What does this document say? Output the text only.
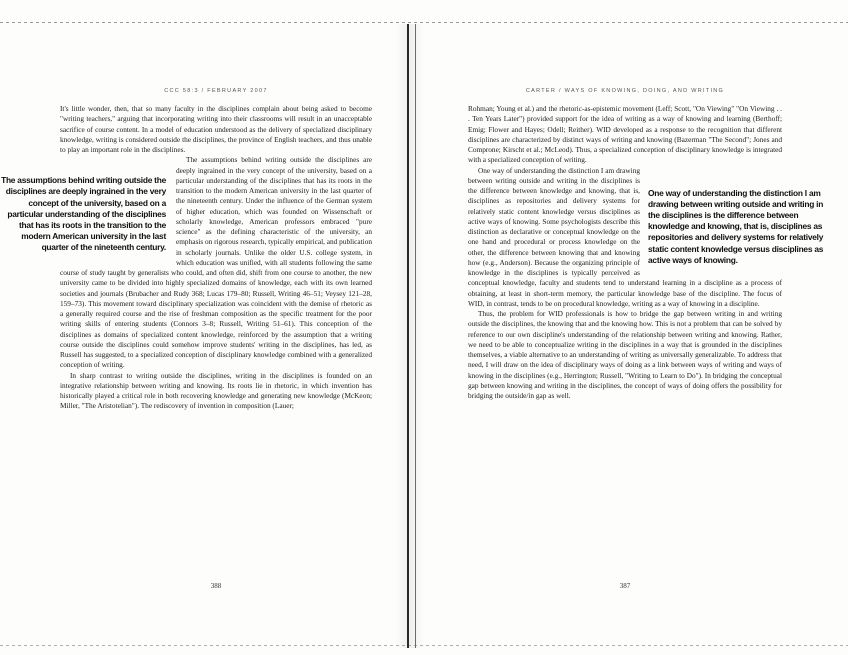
CCC 58:3 / FEBRUARY 2007

It's little wonder, then, that so many faculty in the disciplines complain about being asked to become "writing teachers," arguing that incorporating writing into their classrooms will result in an unacceptable sacrifice of course content. In a model of education understood as the delivery of specialized disciplinary knowledge, writing is considered outside the disciplines, the province of English teachers, and thus unable to play an important role in the disciplines.

The assumptions behind writing outside the disciplines are deeply ingrained in the very concept of the university, based on a particular understanding of the disciplines that has its roots in the transition to the modern American university in the last quarter of the nineteenth century.

The assumptions behind writing outside the disciplines are deeply ingrained in the very concept of the university, based on a particular understanding of the disciplines that has its roots in the transition to the modern American university in the last quarter of the nineteenth century. Under the influence of the German system of higher education, which was founded on Wissenschaft or scholarly knowledge, American professors embraced "pure science" as the defining characteristic of the university, an emphasis on rigorous research, typically empirical, and publication in scholarly journals. Unlike the older U.S. college system, in which education was unified, with all students following the same course of study taught by generalists who could, and often did, shift from one course to another, the new university came to be divided into highly specialized domains of knowledge, each with its own learned societies and journals (Brubacher and Rudy 368; Lucas 179–80; Russell, Writing 46–51; Veysey 121–28, 159–73). This movement toward disciplinary specialization was coincident with the demise of rhetoric as a generally required course and the rise of freshman composition as the specific treatment for the poor writing skills of entering students (Connors 3–8; Russell, Writing 51–61). This conception of the disciplines as domains of specialized content knowledge, reinforced by the assumption that a writing course outside the disciplines could somehow improve students' writing in the disciplines, has led, as Russell has suggested, to a specialized conception of disciplinary knowledge combined with a generalized conception of writing.

In sharp contrast to writing outside the disciplines, writing in the disciplines is founded on an integrative relationship between writing and knowing. Its roots lie in rhetoric, in which invention has historically played a critical role in both recovering knowledge and generating new knowledge (McKeon; Miller, "The Aristotelian"). The rediscovery of invention in composition (Lauer;

388
CARTER / WAYS OF KNOWING, DOING, AND WRITING

Rohman; Young et al.) and the rhetoric-as-epistemic movement (Leff; Scott, "On Viewing" "On Viewing . . . Ten Years Later") provided support for the idea of writing as a way of knowing and learning (Berthoff; Emig; Flower and Hayes; Odell; Reither). WID developed as a response to the recognition that different disciplines are characterized by distinct ways of writing and knowing (Bazerman "The Second"; Jones and Comprone; Kirscht et al.; McLeod). Thus, a specialized conception of disciplinary knowledge is integrated with a specialized conception of writing.

One way of understanding the distinction I am drawing between writing outside and writing in the disciplines is the difference between knowledge and knowing, that is, disciplines as repositories and delivery systems for relatively static content knowledge versus disciplines as active ways of knowing.

One way of understanding the distinction I am drawing between writing outside and writing in the disciplines is the difference between knowledge and knowing, that is, disciplines as repositories and delivery systems for relatively static content knowledge versus disciplines as active ways of knowing. Some psychologists describe this distinction as declarative or conceptual knowledge on the one hand and procedural or process knowledge on the other, the difference between knowing that and knowing how (e.g., Anderson). Because the organizing principle of knowledge in the disciplines is typically perceived as conceptual knowledge, faculty and students tend to understand learning in a discipline as a process of obtaining, at least in short-term memory, the particular knowledge base of the discipline. The focus of WID, in contrast, tends to be on procedural knowledge, writing as a way of knowing in a discipline.

Thus, the problem for WID professionals is how to bridge the gap between writing in and writing outside the disciplines, the knowing that and the knowing how. This is not a problem that can be solved by reference to our own discipline's understanding of the relationship between writing and knowing. Rather, we need to be able to conceptualize writing in the disciplines in a way that is grounded in the disciplines themselves, a viable alternative to an understanding of writing as universally generalizable. To address that need, I will draw on the idea of disciplinary ways of doing as a link between ways of writing and ways of knowing in the disciplines (e.g., Herrington; Russell, "Writing to Learn to Do"). In bridging the conceptual gap between knowing and writing in the disciplines, the concept of ways of doing offers the possibility for bridging the outside/in gap as well.

387
